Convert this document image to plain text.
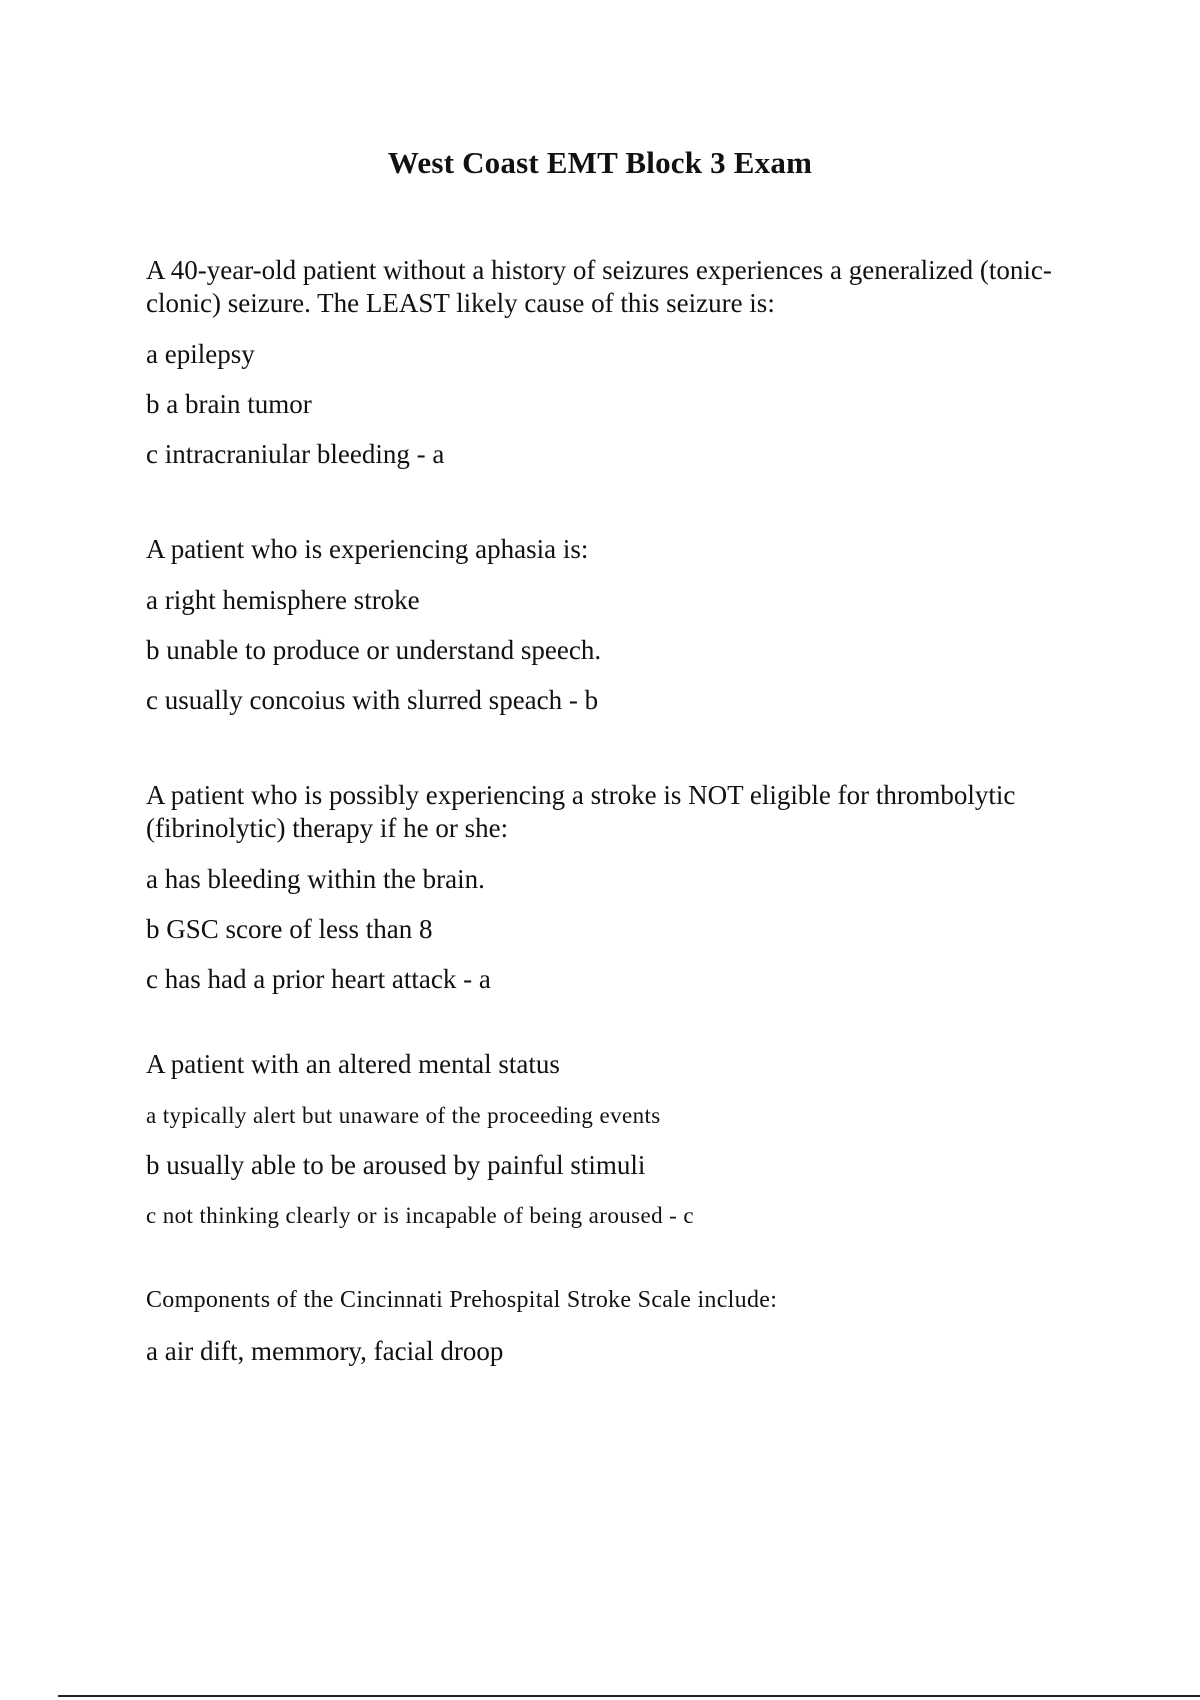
West Coast EMT Block 3 Exam

A 40-year-old patient without a history of seizures experiences a generalized (tonic-clonic) seizure. The LEAST likely cause of this seizure is:

a epilepsy

b a brain tumor

c intracraniular bleeding - a

A patient who is experiencing aphasia is:

a right hemisphere stroke

b unable to produce or understand speech.

c usually concoius with slurred speach - b

A patient who is possibly experiencing a stroke is NOT eligible for thrombolytic (fibrinolytic) therapy if he or she:

a has bleeding within the brain.

b GSC score of less than 8

c has had a prior heart attack - a

A patient with an altered mental status

a typically alert but unaware of the proceeding events

b usually able to be aroused by painful stimuli

c not thinking clearly or is incapable of being aroused - c

Components of the Cincinnati Prehospital Stroke Scale include:

a air dift, memmory, facial droop
